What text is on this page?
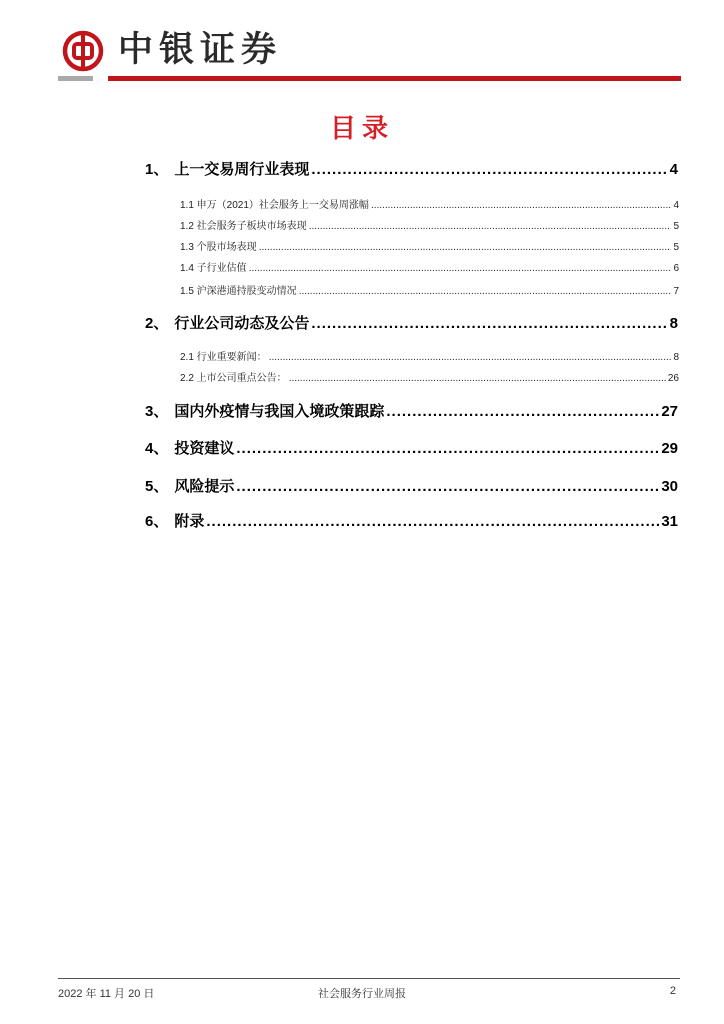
中银证券
目录
1、 上一交易周行业表现 .....	4
1.1 申万（2021）社会服务上一交易周涨幅 .....	4
1.2 社会服务子板块市场表现 .....	5
1.3 个股市场表现 .....	5
1.4 子行业估值 .....	6
1.5 沪深港通持股变动情况 .....	7
2、 行业公司动态及公告 .....	8
2.1 行业重要新闻： .....	8
2.2 上市公司重点公告： .....	26
3、 国内外疫情与我国入境政策跟踪 .....	27
4、 投资建议 .....	29
5、 风险提示 .....	30
6、 附录 .....	31
2022 年 11 月 20 日	社会服务行业周报	2
